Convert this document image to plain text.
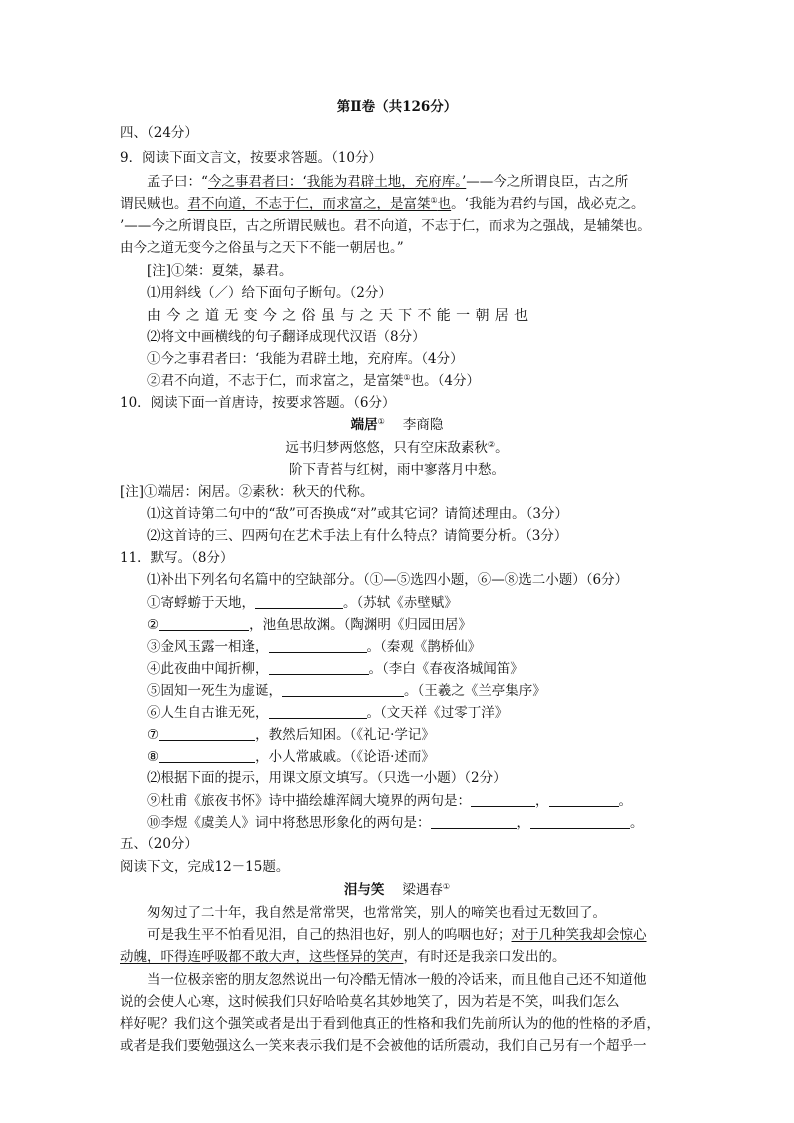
第Ⅱ卷（共126分）
四、（24分）
9．阅读下面文言文，按要求答题。（10分）
孟子曰：“今之事君者曰：‘我能为君辟土地，充府库。’——今之所谓良臣，古之所
谓民贼也。君不向道，不志于仁，而求富之，是富桀①也。‘我能为君约与国，战必克之。
’——今之所谓良臣，古之所谓民贼也。君不向道，不志于仁，而求为之强战，是辅桀也。
由今之道无变今之俗虽与之天下不能一朝居也。”
[注]①桀：夏桀，暴君。
⑴用斜线（／）给下面句子断句。（2分）
由今之道无变今之俗虽与之天下不能一朝居也
⑵将文中画横线的句子翻译成现代汉语（8分）
①今之事君者曰：‘我能为君辟土地，充府库。（4分）
②君不向道，不志于仁，而求富之，是富桀①也。（4分）
10．阅读下面一首唐诗，按要求答题。（6分）
端居① 李商隐
远书归梦两悠悠，只有空床敌素秋②。
阶下青苔与红树，雨中寥落月中愁。
[注]①端居：闲居。②素秋：秋天的代称。
⑴这首诗第二句中的“敌”可否换成“对”或其它词？请简述理由。（3分）
⑵这首诗的三、四两句在艺术手法上有什么特点？请简要分析。（3分）
11．默写。（8分）
⑴补出下列名句名篇中的空缺部分。（①—⑤选四小题，⑥—⑧选二小题）（6分）
①寄蜉蝣于天地，	。（苏轼《赤壁赋》
②	，池鱼思故渊。（陶渊明《归园田居》
③金风玉露一相逢，	。（秦观《鹊桥仙》
④此夜曲中闻折柳，	。（李白《春夜洛城闻笛》
⑤固知一死生为虚诞，	。（王羲之《兰亭集序》
⑥人生自古谁无死，	。（文天祥《过零丁洋》
⑦	，教然后知困。（《礼记·学记》
⑧	，小人常戚戚。（《论语·述而》
⑵根据下面的提示，用课文原文填写。（只选一小题）（2分）
⑨杜甫《旅夜书怀》诗中描绘雄浑阔大境界的两句是：	，	。
⑩李煜《虞美人》词中将愁思形象化的两句是：	，	。
五、（20分）
阅读下文，完成12－15题。
泪与笑 梁遇春①
匆匆过了二十年，我自然是常常哭，也常常笑，别人的啼笑也看过无数回了。
可是我生平不怕看见泪，自己的热泪也好，别人的呜咽也好；对于几种笑我却会惊心
动魄，吓得连呼吸都不敢大声，这些怪异的笑声，有时还是我亲口发出的。
当一位极亲密的朋友忽然说出一句冷酷无情冰一般的冷话来，而且他自己还不知道他
说的会使人心寒，这时候我们只好哈哈莫名其妙地笑了，因为若是不笑，叫我们怎么
样好呢？我们这个强笑或者是出于看到他真正的性格和我们先前所认为的他的性格的矛盾，
或者是我们要勉强这么一笑来表示我们是不会被他的话所震动，我们自己另有一个超乎一
